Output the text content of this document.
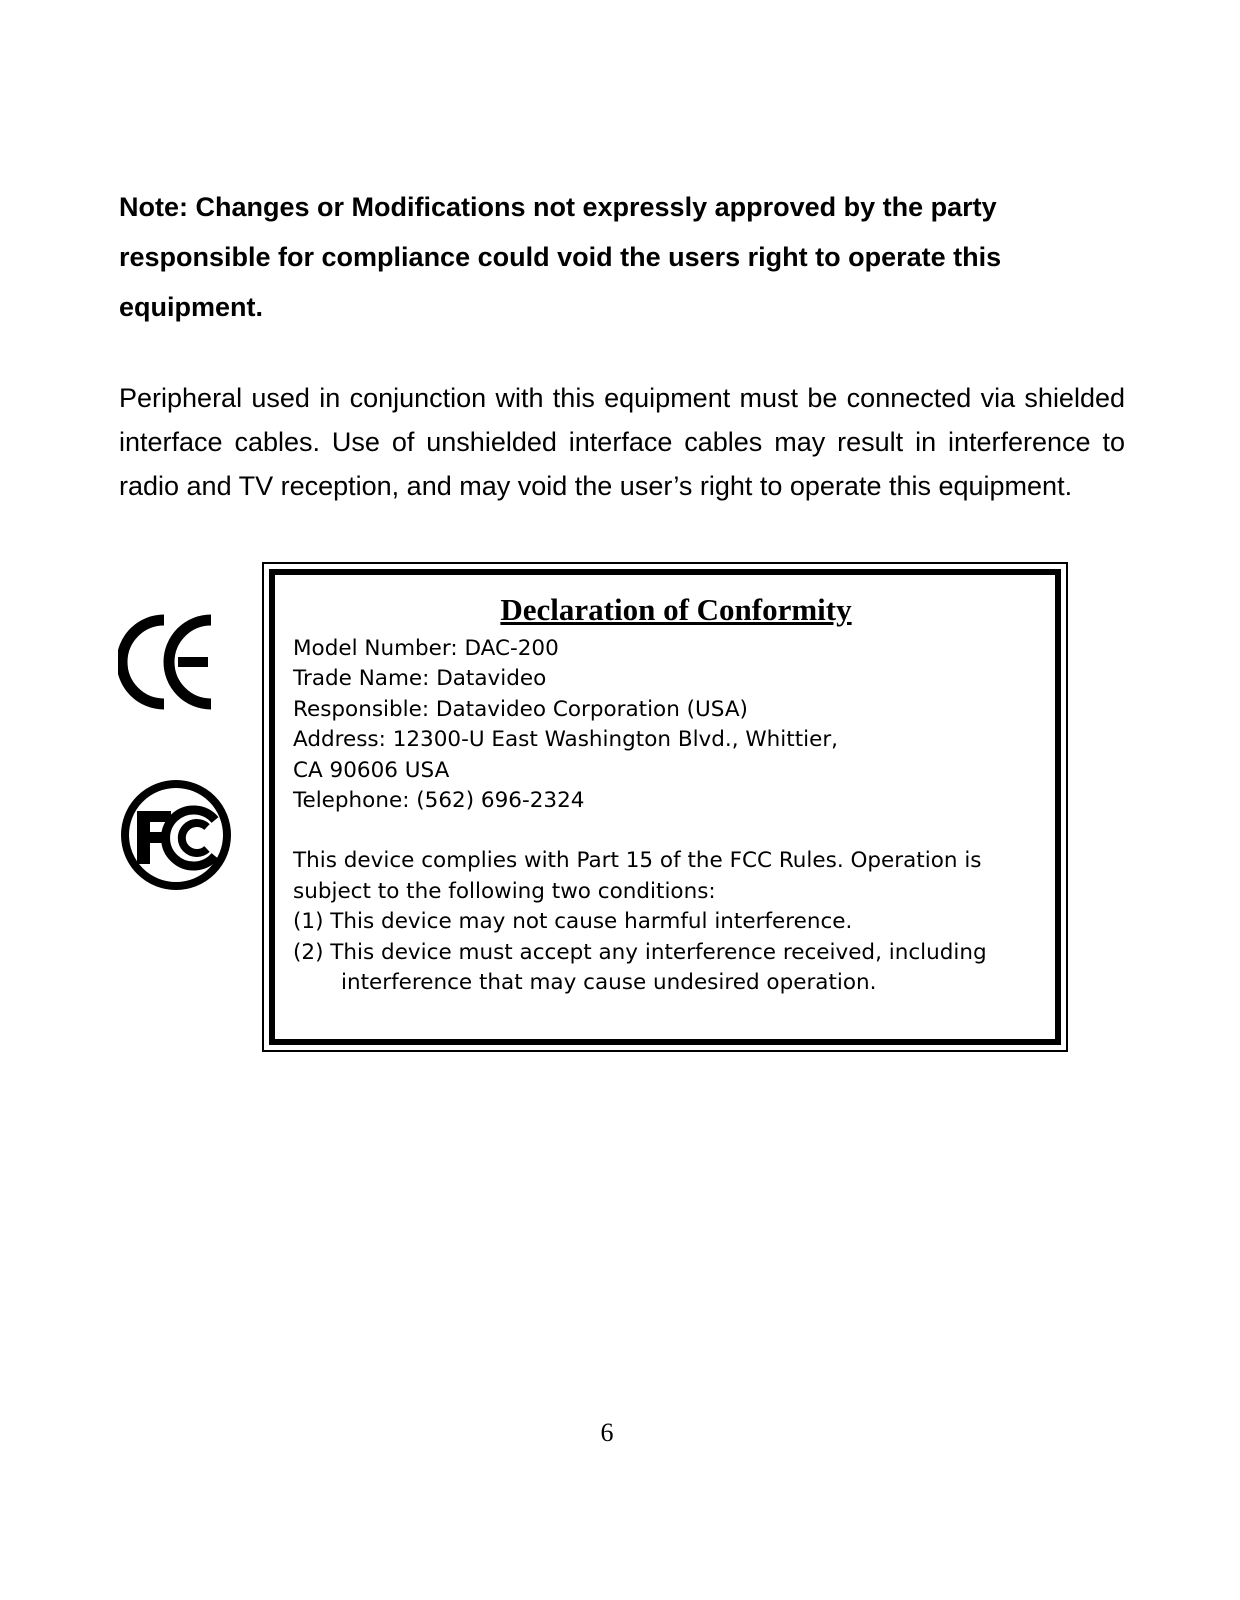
Note: Changes or Modifications not expressly approved by the party responsible for compliance could void the users right to operate this equipment.

Peripheral used in conjunction with this equipment must be connected via shielded interface cables. Use of unshielded interface cables may result in interference to radio and TV reception, and may void the user’s right to operate this equipment.

Declaration of Conformity
Model Number: DAC-200
Trade Name: Datavideo
Responsible: Datavideo Corporation (USA)
Address: 12300-U East Washington Blvd., Whittier,
CA 90606 USA
Telephone: (562) 696-2324
This device complies with Part 15 of the FCC Rules. Operation is
subject to the following two conditions:
(1) This device may not cause harmful interference.
(2) This device must accept any interference received, including
interference that may cause undesired operation.
6
